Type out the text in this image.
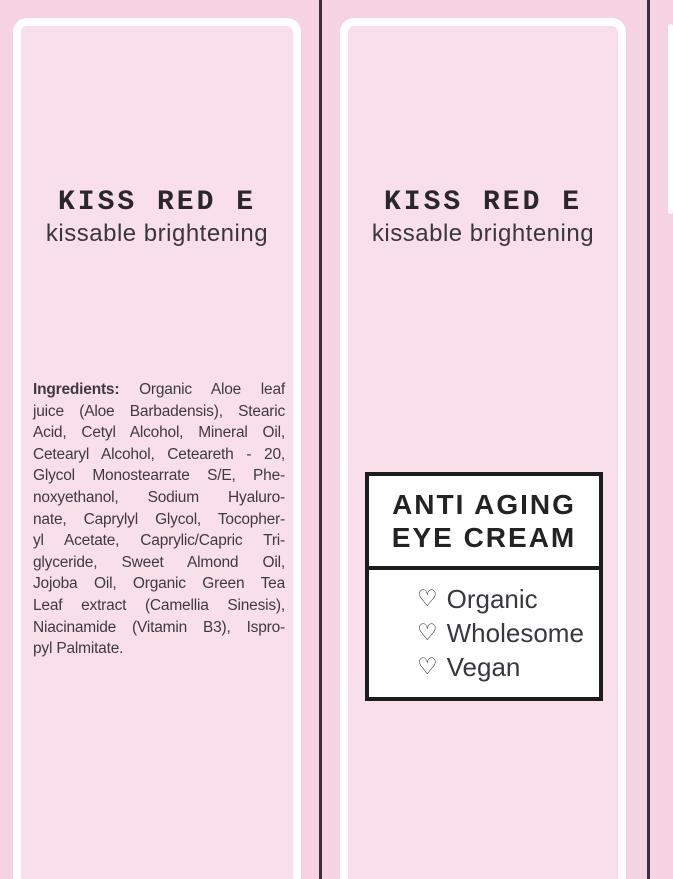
KISS RED E
kissable brightening
KISS RED E
kissable brightening
Ingredients: Organic Aloe leaf
juice (Aloe Barbadensis), Stearic
Acid, Cetyl Alcohol, Mineral Oil,
Cetearyl Alcohol, Ceteareth - 20,
Glycol Monostearrate S/E, Phe-
noxyethanol, Sodium Hyaluro-
nate, Caprylyl Glycol, Tocopher-
yl Acetate, Caprylic/Capric Tri-
glyceride, Sweet Almond Oil,
Jojoba Oil, Organic Green Tea
Leaf extract (Camellia Sinesis),
Niacinamide (Vitamin B3), Ispro-
pyl Palmitate.
ANTI AGING
EYE CREAM
♡ Organic
♡ Wholesome
♡ Vegan
